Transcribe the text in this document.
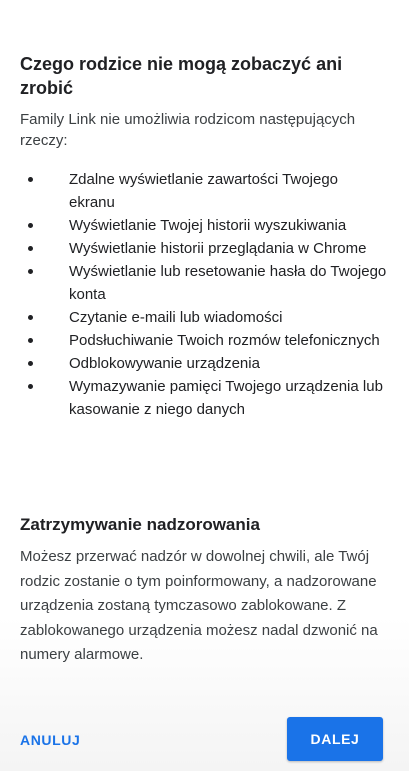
Czego rodzice nie mogą zobaczyć ani zrobić

Family Link nie umożliwia rodzicom następujących rzeczy:

Zdalne wyświetlanie zawartości Twojego ekranu
Wyświetlanie Twojej historii wyszukiwania
Wyświetlanie historii przeglądania w Chrome
Wyświetlanie lub resetowanie hasła do Twojego konta
Czytanie e-maili lub wiadomości
Podsłuchiwanie Twoich rozmów telefonicznych
Odblokowywanie urządzenia
Wymazywanie pamięci Twojego urządzenia lub kasowanie z niego danych
Zatrzymywanie nadzorowania

Możesz przerwać nadzór w dowolnej chwili, ale Twój rodzic zostanie o tym poinformowany, a nadzorowane urządzenia zostaną tymczasowo zablokowane. Z zablokowanego urządzenia możesz nadal dzwonić na numery alarmowe.

ANULUJ	DALEJ
